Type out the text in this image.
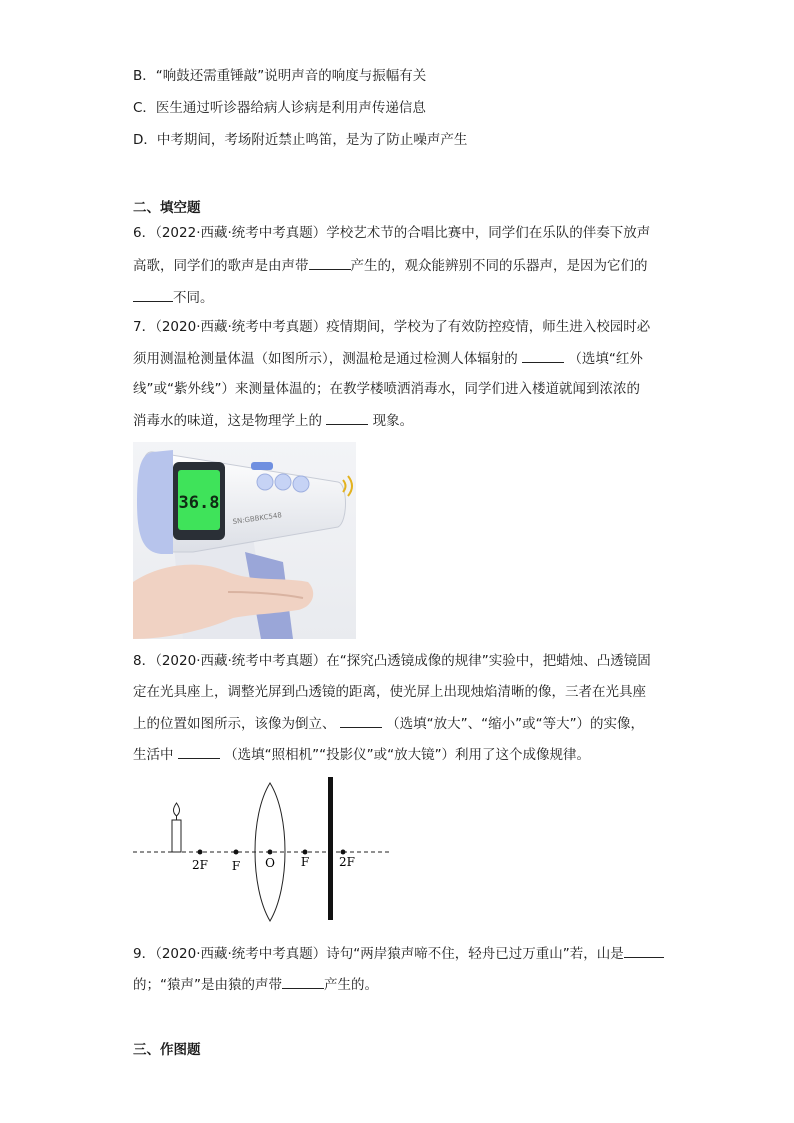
B．“响鼓还需重锤敲”说明声音的响度与振幅有关
C．医生通过听诊器给病人诊病是利用声传递信息
D．中考期间，考场附近禁止鸣笛，是为了防止噪声产生
二、填空题
6．（2022·西藏·统考中考真题）学校艺术节的合唱比赛中，同学们在乐队的伴奏下放声
高歌，同学们的歌声是由声带	产生的，观众能辨别不同的乐器声，是因为它们的
不同。
7．（2020·西藏·统考中考真题）疫情期间，学校为了有效防控疫情，师生进入校园时必
须用测温枪测量体温（如图所示），测温枪是通过检测人体辐射的	（选填“红外
线”或“紫外线”）来测量体温的；在教学楼喷洒消毒水，同学们进入楼道就闻到浓浓的
消毒水的味道，这是物理学上的	现象。
36.8
SN:GBBKC548
8．（2020·西藏·统考中考真题）在“探究凸透镜成像的规律”实验中，把蜡烛、凸透镜固
定在光具座上，调整光屏到凸透镜的距离，使光屏上出现烛焰清晰的像，三者在光具座
上的位置如图所示，该像为倒立、	（选填“放大”、“缩小”或“等大”）的实像，
生活中	（选填“照相机”“投影仪”或“放大镜”）利用了这个成像规律。
2F F O F 2F
9．（2020·西藏·统考中考真题）诗句“两岸猿声啼不住，轻舟已过万重山”若，山是
的；“猿声”是由猿的声带	产生的。
三、作图题
